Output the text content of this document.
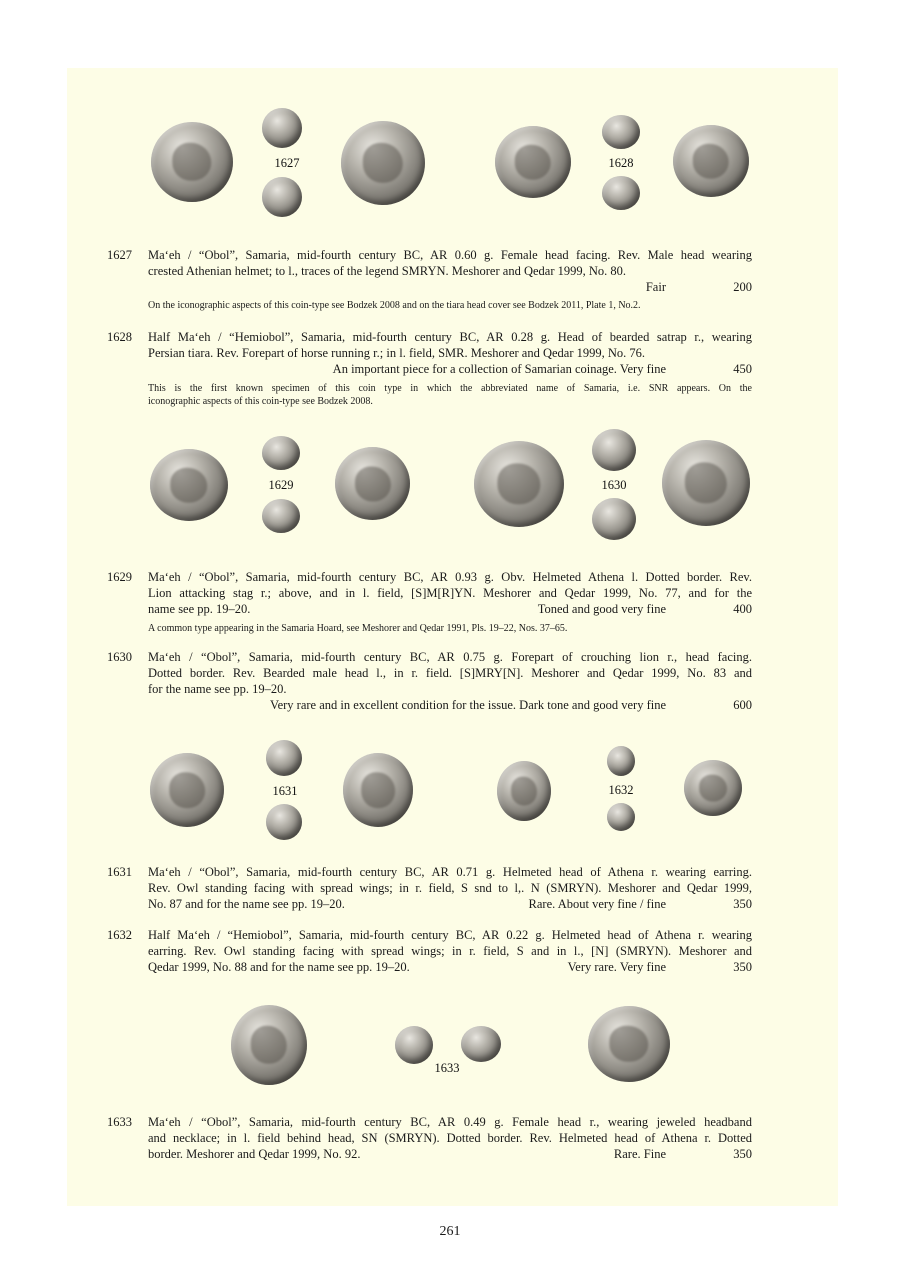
1627	1628
1627	Ma‘eh / “Obol”, Samaria, mid-fourth century BC, AR 0.60 g. Female head facing. Rev. Male head wearing
crested Athenian helmet; to l., traces of the legend SMRYN. Meshorer and Qedar 1999, No. 80.
Fair	200
On the iconographic aspects of this coin-type see Bodzek 2008 and on the tiara head cover see Bodzek 2011, Plate 1, No.2.
1628	Half Ma‘eh / “Hemiobol”, Samaria, mid-fourth century BC, AR 0.28 g. Head of bearded satrap r., wearing
Persian tiara. Rev. Forepart of horse running r.; in l. field, SMR. Meshorer and Qedar 1999, No. 76.
An important piece for a collection of Samarian coinage. Very fine	450
This is the first known specimen of this coin type in which the abbreviated name of Samaria, i.e. SNR appears. On the
iconographic aspects of this coin-type see Bodzek 2008.
1629	1630
1629	Ma‘eh / “Obol”, Samaria, mid-fourth century BC, AR 0.93 g. Obv. Helmeted Athena l. Dotted border. Rev.
Lion attacking stag r.; above, and in l. field, [S]M[R]YN. Meshorer and Qedar 1999, No. 77, and for the
name see pp. 19–20.	Toned and good very fine	400
A common type appearing in the Samaria Hoard, see Meshorer and Qedar 1991, Pls. 19–22, Nos. 37–65.
1630	Ma‘eh / “Obol”, Samaria, mid-fourth century BC, AR 0.75 g. Forepart of crouching lion r., head facing.
Dotted border. Rev. Bearded male head l., in r. field. [S]MRY[N]. Meshorer and Qedar 1999, No. 83 and
for the name see pp. 19–20.
Very rare and in excellent condition for the issue. Dark tone and good very fine	600
1631	1632
1631	Ma‘eh / “Obol”, Samaria, mid-fourth century BC, AR 0.71 g. Helmeted head of Athena r. wearing earring.
Rev. Owl standing facing with spread wings; in r. field, S snd to l,. N (SMRYN). Meshorer and Qedar 1999,
No. 87 and for the name see pp. 19–20.	Rare. About very fine / fine	350
1632	Half Ma‘eh / “Hemiobol”, Samaria, mid-fourth century BC, AR 0.22 g. Helmeted head of Athena r. wearing
earring. Rev. Owl standing facing with spread wings; in r. field, S and in l., [N] (SMRYN). Meshorer and
Qedar 1999, No. 88 and for the name see pp. 19–20.	Very rare. Very fine	350
1633
1633	Ma‘eh / “Obol”, Samaria, mid-fourth century BC, AR 0.49 g. Female head r., wearing jeweled headband
and necklace; in l. field behind head, SN (SMRYN). Dotted border. Rev. Helmeted head of Athena r. Dotted
border. Meshorer and Qedar 1999, No. 92.	Rare. Fine	350
261
